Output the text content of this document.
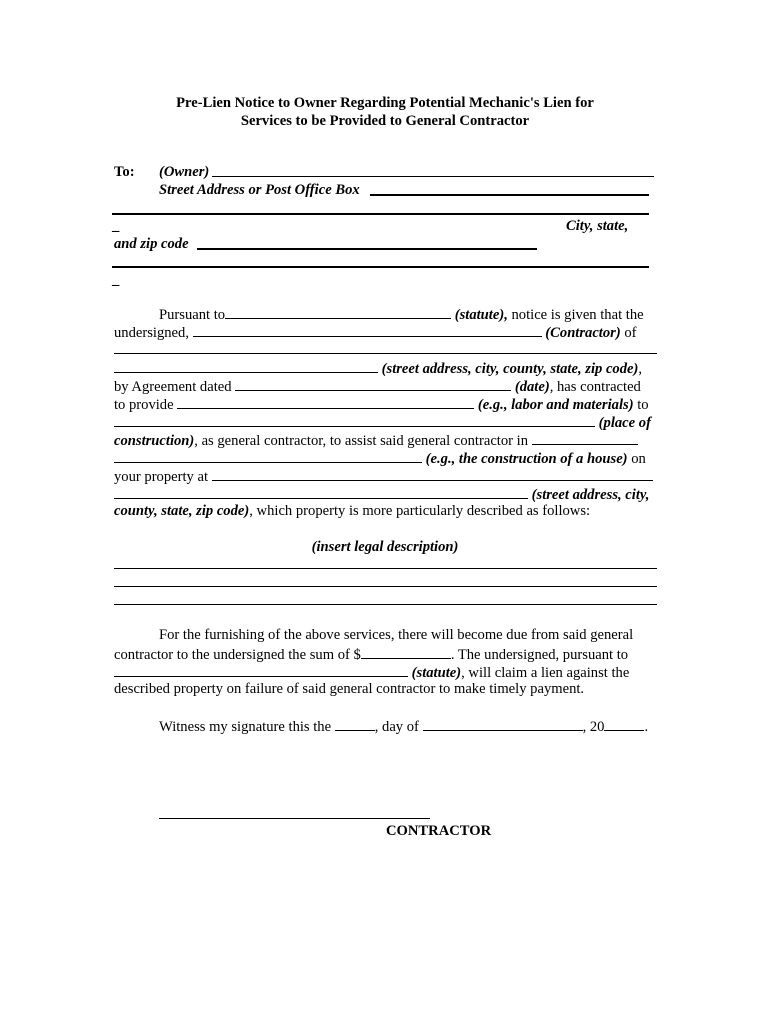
Pre-Lien Notice to Owner Regarding Potential Mechanic's Lien for
Services to be Provided to General Contractor
To: (Owner)
Street Address or Post Office Box
_	City, state,
and zip code
_
Pursuant to	(statute), notice is given that the
undersigned,	(Contractor) of
(street address, city, county, state, zip code),
by Agreement dated	(date), has contracted
to provide	(e.g., labor and materials) to
(place of
construction), as general contractor, to assist said general contractor in
(e.g., the construction of a house) on
your property at
(street address, city,
county, state, zip code), which property is more particularly described as follows:
(insert legal description)
For the furnishing of the above services, there will become due from said general
contractor to the undersigned the sum of $	. The undersigned, pursuant to
(statute), will claim a lien against the
described property on failure of said general contractor to make timely payment.
Witness my signature this the	, day of	, 20	.
CONTRACTOR
